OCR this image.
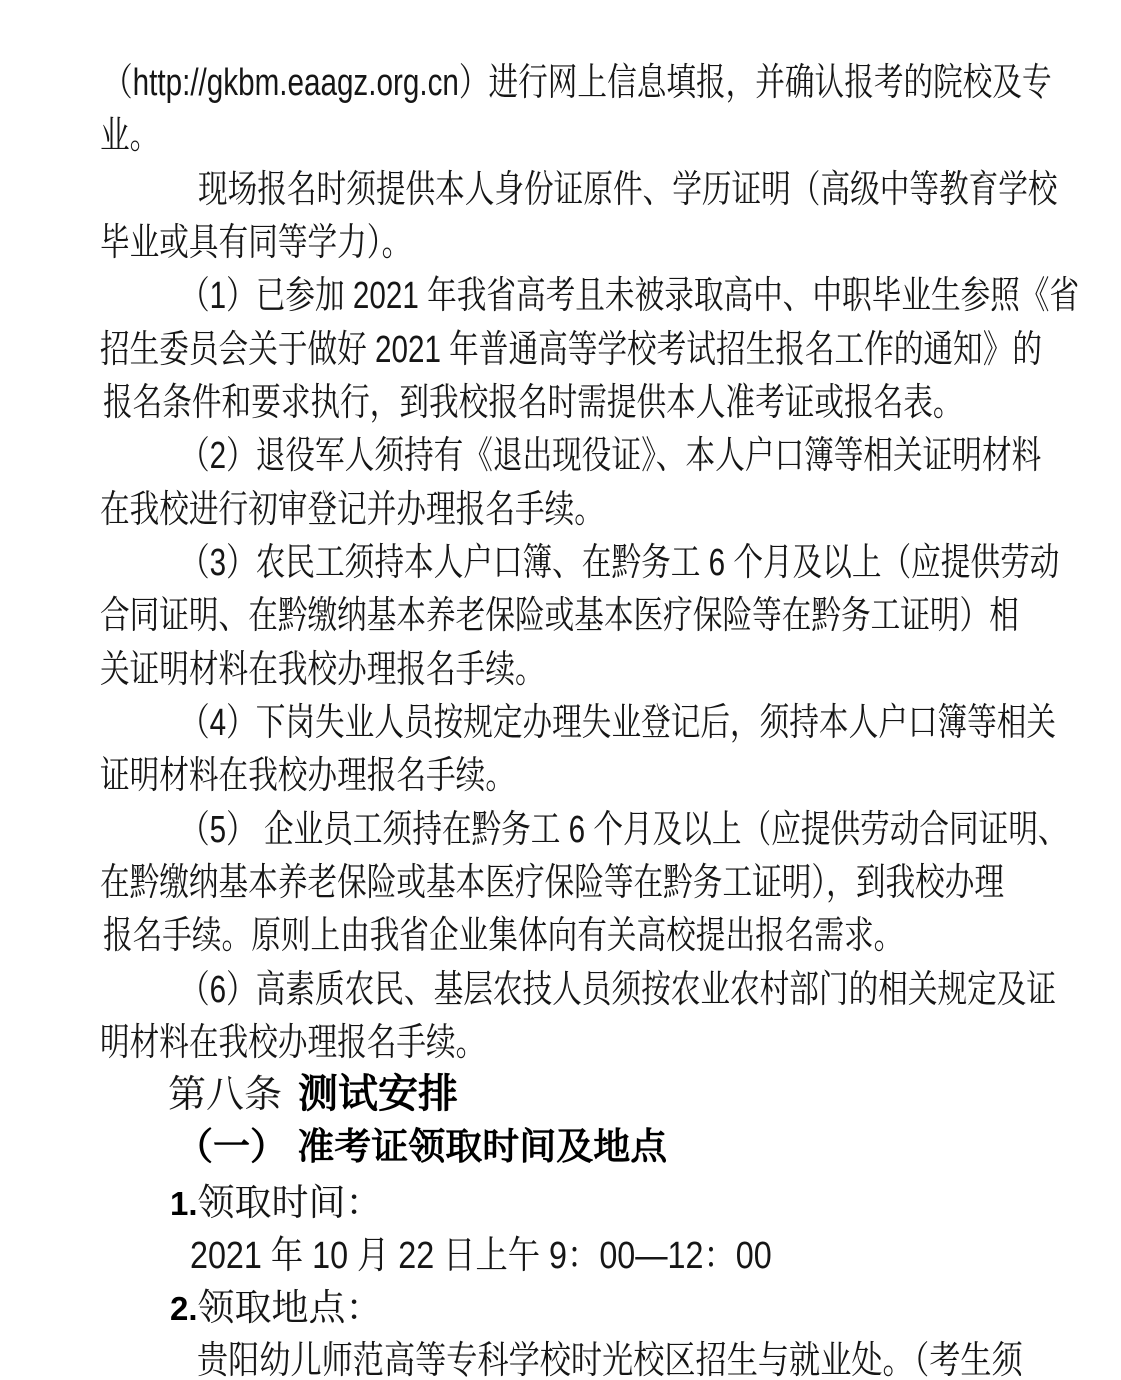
（http://gkbm.eaagz.org.cn）进行网上信息填报，并确认报考的院校及专
业。
现场报名时须提供本人身份证原件、学历证明（高级中等教育学校
毕业或具有同等学力）。
（1）已参加 2021 年我省高考且未被录取高中、中职毕业生参照《省
招生委员会关于做好 2021 年普通高等学校考试招生报名工作的通知》的
报名条件和要求执行，到我校报名时需提供本人准考证或报名表。
（2）退役军人须持有《退出现役证》、本人户口簿等相关证明材料
在我校进行初审登记并办理报名手续。
（3）农民工须持本人户口簿、在黔务工 6 个月及以上（应提供劳动
合同证明、在黔缴纳基本养老保险或基本医疗保险等在黔务工证明）相
关证明材料在我校办理报名手续。
（4）下岗失业人员按规定办理失业登记后，须持本人户口簿等相关
证明材料在我校办理报名手续。
（5） 企业员工须持在黔务工 6 个月及以上（应提供劳动合同证明、
在黔缴纳基本养老保险或基本医疗保险等在黔务工证明），到我校办理
报名手续。原则上由我省企业集体向有关高校提出报名需求。
（6）高素质农民、基层农技人员须按农业农村部门的相关规定及证
明材料在我校办理报名手续。
第八条 测试安排
（一） 准考证领取时间及地点
1.领取时间：
2021 年 10 月 22 日上午 9：00—12：00
2.领取地点：
贵阳幼儿师范高等专科学校时光校区招生与就业处。（考生须
